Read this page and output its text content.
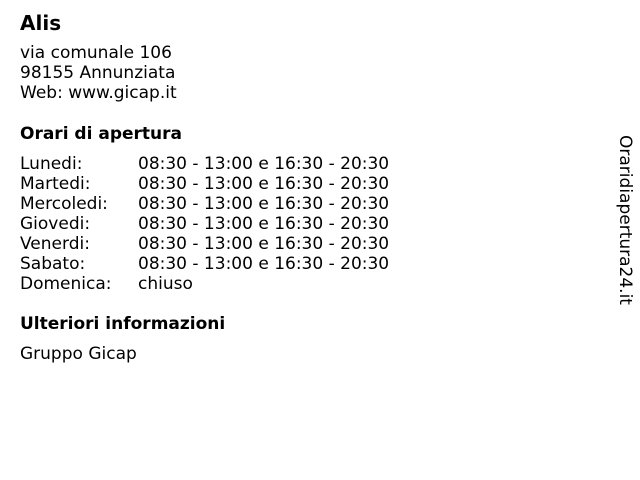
Alis
via comunale 106
98155 Annunziata
Web: www.gicap.it
Orari di apertura
Lunedi:	08:30 - 13:00 e 16:30 - 20:30
Martedi:	08:30 - 13:00 e 16:30 - 20:30
Mercoledi: 08:30 - 13:00 e 16:30 - 20:30
Giovedi:	08:30 - 13:00 e 16:30 - 20:30
Venerdi:	08:30 - 13:00 e 16:30 - 20:30
Sabato:	08:30 - 13:00 e 16:30 - 20:30
Domenica: chiuso
Ulteriori informazioni
Gruppo Gicap
Oraridiapertura24.it
